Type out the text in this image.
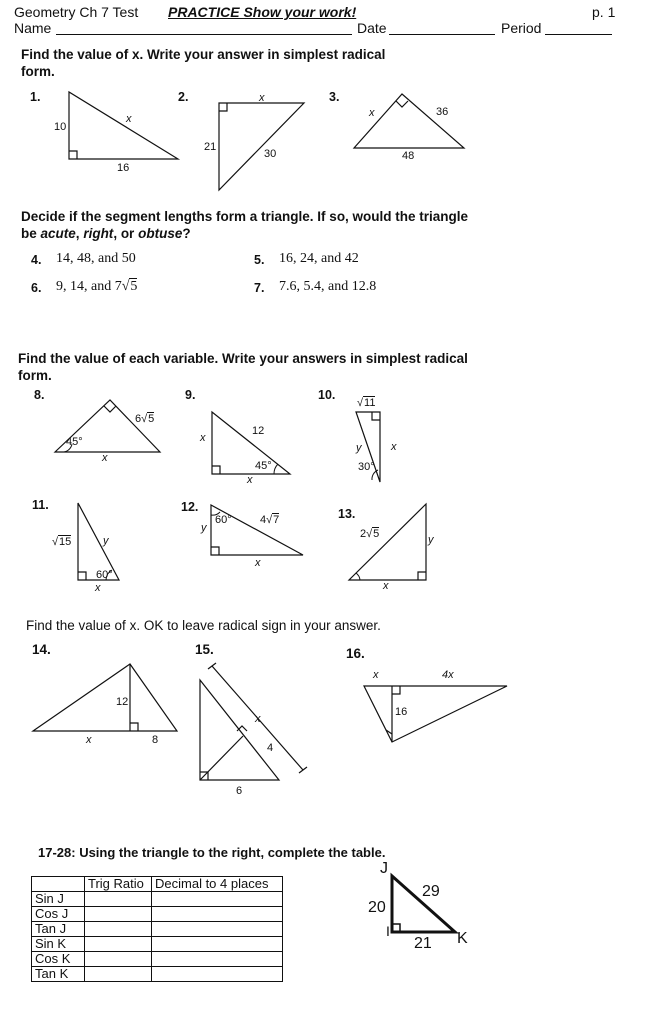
Geometry Ch 7 Test PRACTICE Show your work!	p. 1
Name	Date	Period
Find the value of x. Write your answer in simplest radical form.
1.
10
x
16
2.	x
21
30
3.
x	36
48
Decide if the segment lengths form a triangle. If so, would the triangle be acute, right, or obtuse?
4. 14, 48, and 50	5. 16, 24, and 42
6. 9, 14, and 7√5	7. 7.6, 5.4, and 12.8
Find the value of each variable. Write your answers in simplest radical form.
8.
6√5
45°
x
9.
x
12
45°
x
10.
√11
y	x
30°
11.
√15	y
60°
x
12.
60°
y
4√7
x
13.
2√5	y
x
Find the value of x. OK to leave radical sign in your answer.
14.
12
x	8
15.
x
4
6
16.
x	4x
16
17-28: Using the triangle to the right, complete the table.
	Trig Ratio	Decimal to 4 places
Sin J		
Cos J		
Tan J		
Sin K		
Cos K		
Tan K		
J
I	K
20
29
21
